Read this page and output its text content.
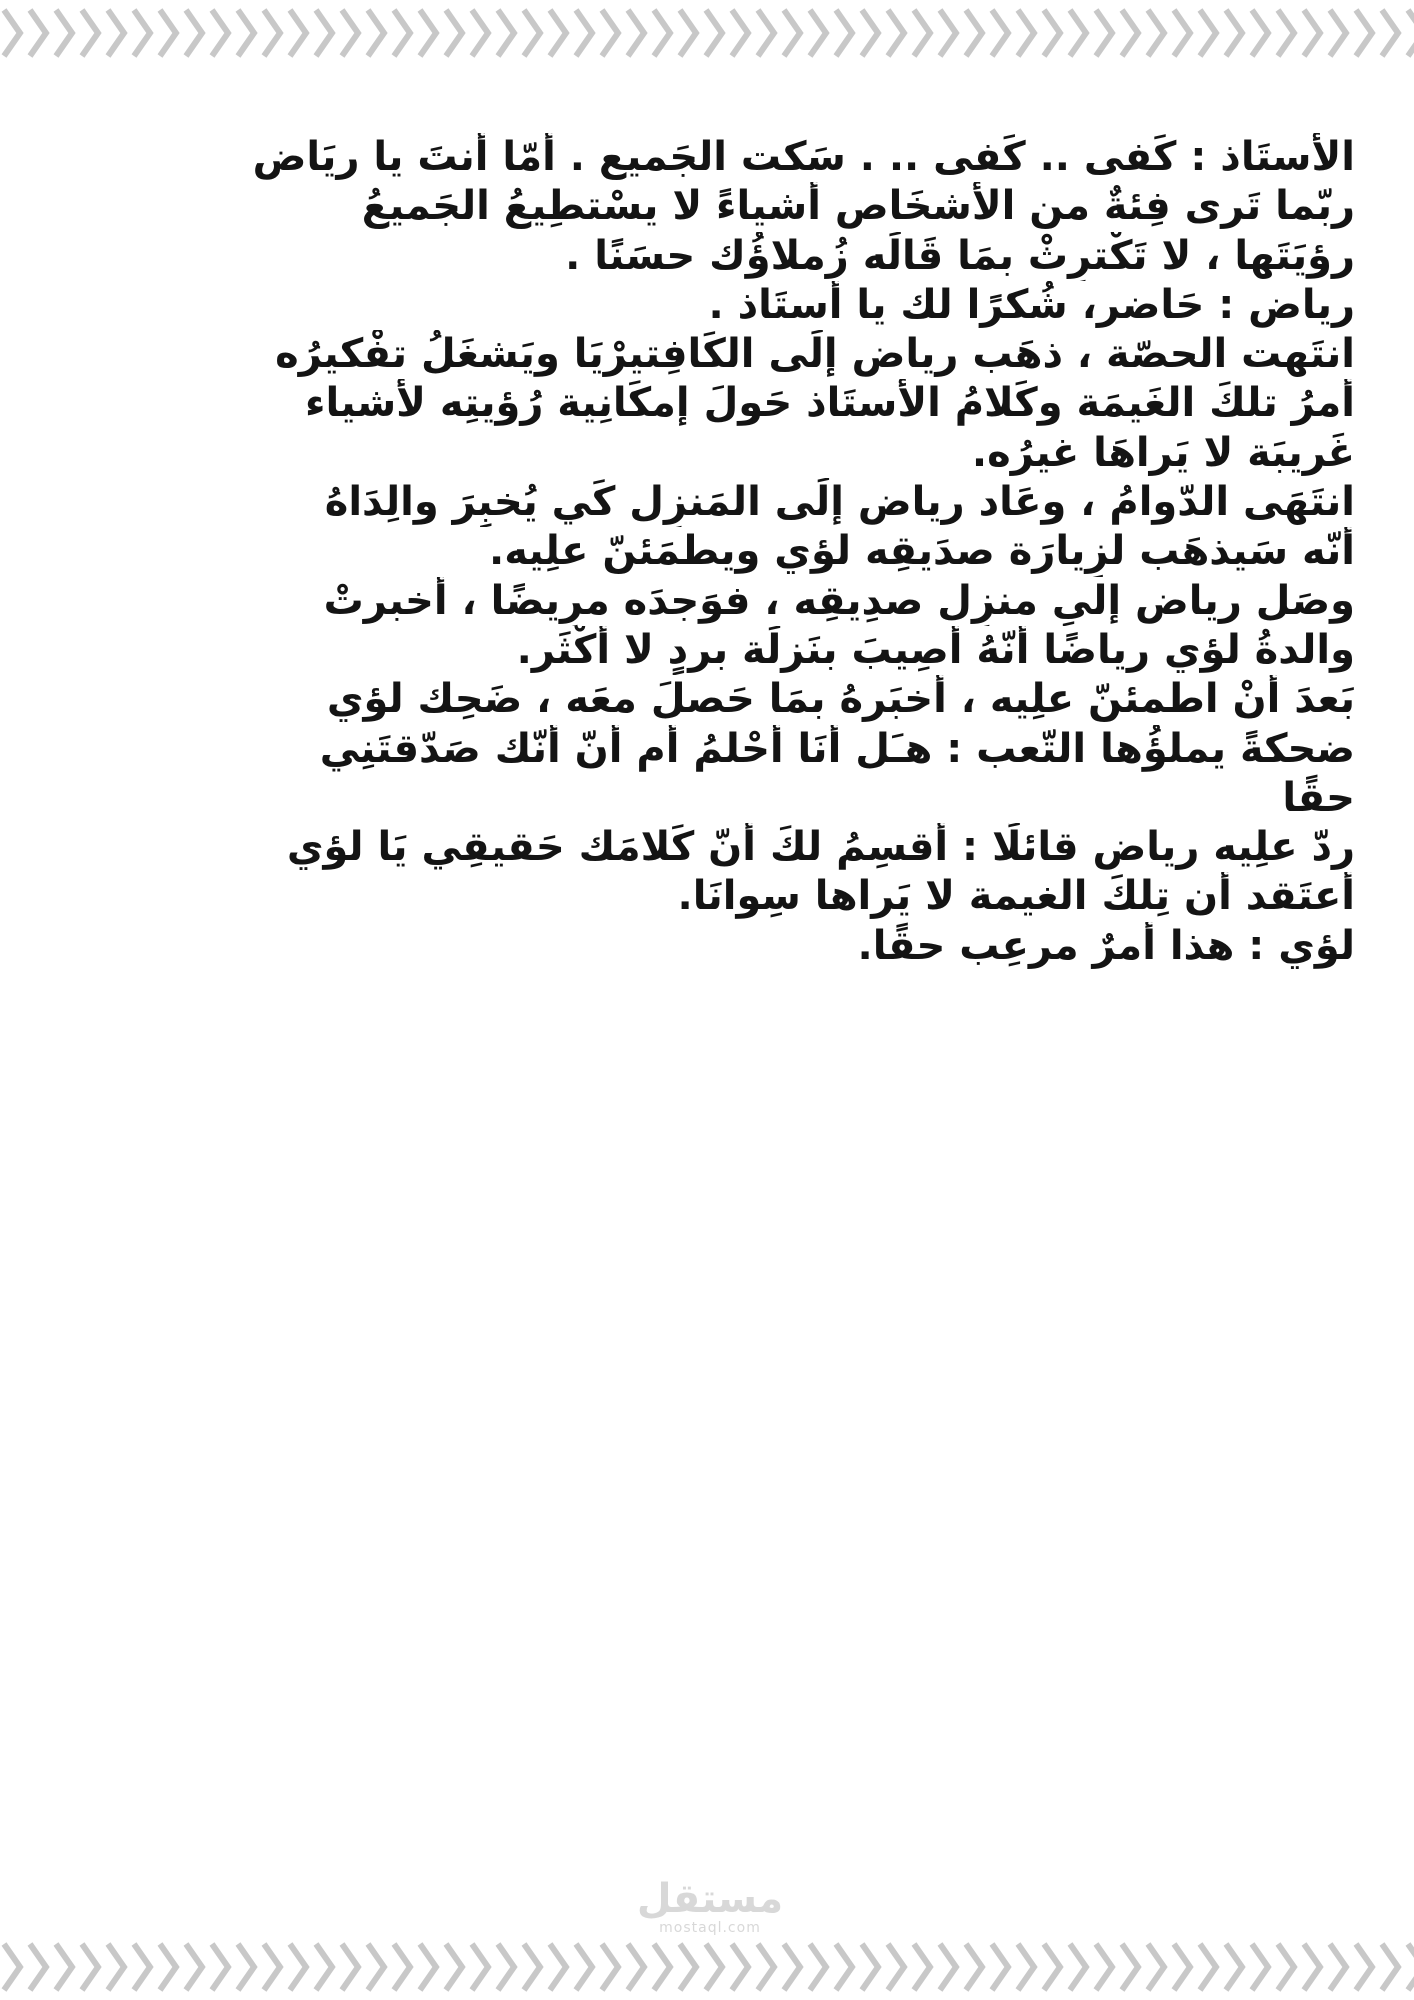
الأستَاذ : كَفى .. كَفى .. . سَكت الجَميع . أمّا أنتَ يا ريَاض
ربّما تَرى فِئةٌ من الأشخَاص أشياءً لا يسْتطِيعُ الجَميعُ
رؤيَتَها ، لا تَكْترِثْ بمَا قَالَه زُملاؤُك حسَنًا .
رياض : حَاضر، شُكرًا لك يا أستَاذ .
انتَهت الحصّة ، ذهَب رياض إلَى الكَافِتيرْيَا ويَشغَلُ تفْكيرُه
أمرُ تلكَ الغَيمَة وكَلامُ الأستَاذ حَولَ إمكَانِية رُؤيتِه لأَشياء
غَريبَة لا يَراهَا غيرُه.
انتَهَى الدّوامُ ، وعَاد رياض إلَى المَنزِل كَي يُخبِرَ والِدَاهُ
أنّه سَيذهَب لزِيارَة صدَيقِه لؤي ويطمَئنّ علِيه.
وصَل رياض إلىِ منزِل صدِيقِه ، فوَجدَه مرِيضًا ، أخبرتْ
والدةُ لؤي رياضًا أنّهُ أصِيبَ بنَزلَة بردٍ لا أكْثَر.
بَعدَ أنْ اطمئنّ علِيه ، أخبَرهُ بمَا حَصلَ معَه ، ضَحِك لؤي
ضحكةً يملؤُها التّعب : هـَل أنَا أحْلمُ أم أنّ أنّك صَدّقتَنِي
حقًا
ردّ علِيه رياض قائلًا : أقسِمُ لكَ أنّ كَلامَك حَقيقِي يَا لؤي
أعتَقد أن تِلكَ الغيمة لا يَراها سِوانَا.
لؤي : هذا أمرٌ مرعِب حقًا.
مستقل
mostaql.com
